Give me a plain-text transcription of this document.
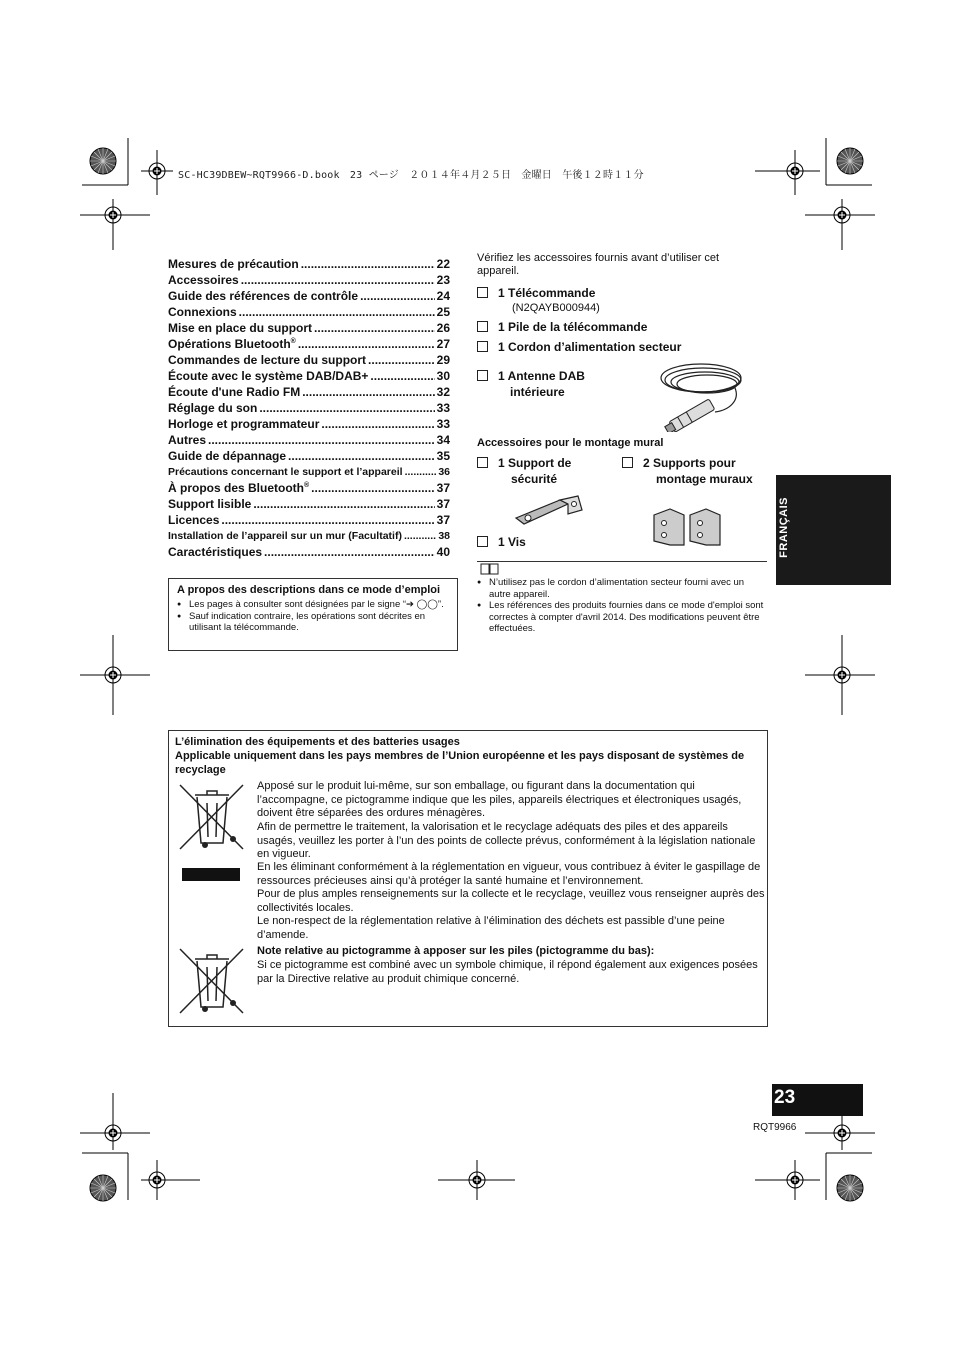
SC-HC39DBEW~RQT9966-D.book　23 ページ　２０１４年４月２５日　金曜日　午後１２時１１分
Mesures de précaution .....	22
Accessoires .....	23
Guide des références de contrôle .....	24
Connexions .....	25
Mise en place du support .....	26
Opérations Bluetooth® .....	27
Commandes de lecture du support .....	29
Écoute avec le système DAB/DAB+ .....	30
Écoute d'une Radio FM .....	32
Réglage du son .....	33
Horloge et programmateur .....	33
Autres .....	34
Guide de dépannage .....	35
Précautions concernant le support et l’appareil .....	36
À propos des Bluetooth® .....	37
Support lisible .....	37
Licences .....	37
Installation de l’appareil sur un mur (Facultatif) .....	38
Caractéristiques .....	40
A propos des descriptions dans ce mode d’emploi
● Les pages à consulter sont désignées par le signe “➔ ◯◯”.
● Sauf indication contraire, les opérations sont décrites en utilisant la télécommande.
Vérifiez les accessoires fournis avant d’utiliser cet appareil.
1 Télécommande
(N2QAYB000944)
1 Pile de la télécommande
1 Cordon d’alimentation secteur
1 Antenne DAB
intérieure
Accessoires pour le montage mural
1 Support de
sécurité
2 Supports pour
montage muraux
1 Vis
● N’utilisez pas le cordon d’alimentation secteur fourni avec un autre appareil.
● Les références des produits fournies dans ce mode d'emploi sont correctes à compter d'avril 2014. Des modifications peuvent être effectuées.
FRANÇAIS
L’élimination des équipements et des batteries usages
Applicable uniquement dans les pays membres de l’Union européenne et les pays disposant de systèmes de recyclage
Apposé sur le produit lui-même, sur son emballage, ou figurant dans la documentation qui l’accompagne, ce pictogramme indique que les piles, appareils électriques et électroniques usagés, doivent être séparées des ordures ménagères.
Afin de permettre le traitement, la valorisation et le recyclage adéquats des piles et des appareils usagés, veuillez les porter à l’un des points de collecte prévus, conformément à la législation nationale en vigueur.
En les éliminant conformément à la réglementation en vigueur, vous contribuez à éviter le gaspillage de ressources précieuses ainsi qu’à protéger la santé humaine et l’environnement.
Pour de plus amples renseignements sur la collecte et le recyclage, veuillez vous renseigner auprès des collectivités locales.
Le non-respect de la réglementation relative à l’élimination des déchets est passible d’une peine d’amende.
Note relative au pictogramme à apposer sur les piles (pictogramme du bas):
Si ce pictogramme est combiné avec un symbole chimique, il répond également aux exigences posées par la Directive relative au produit chimique concerné.
23
RQT9966
